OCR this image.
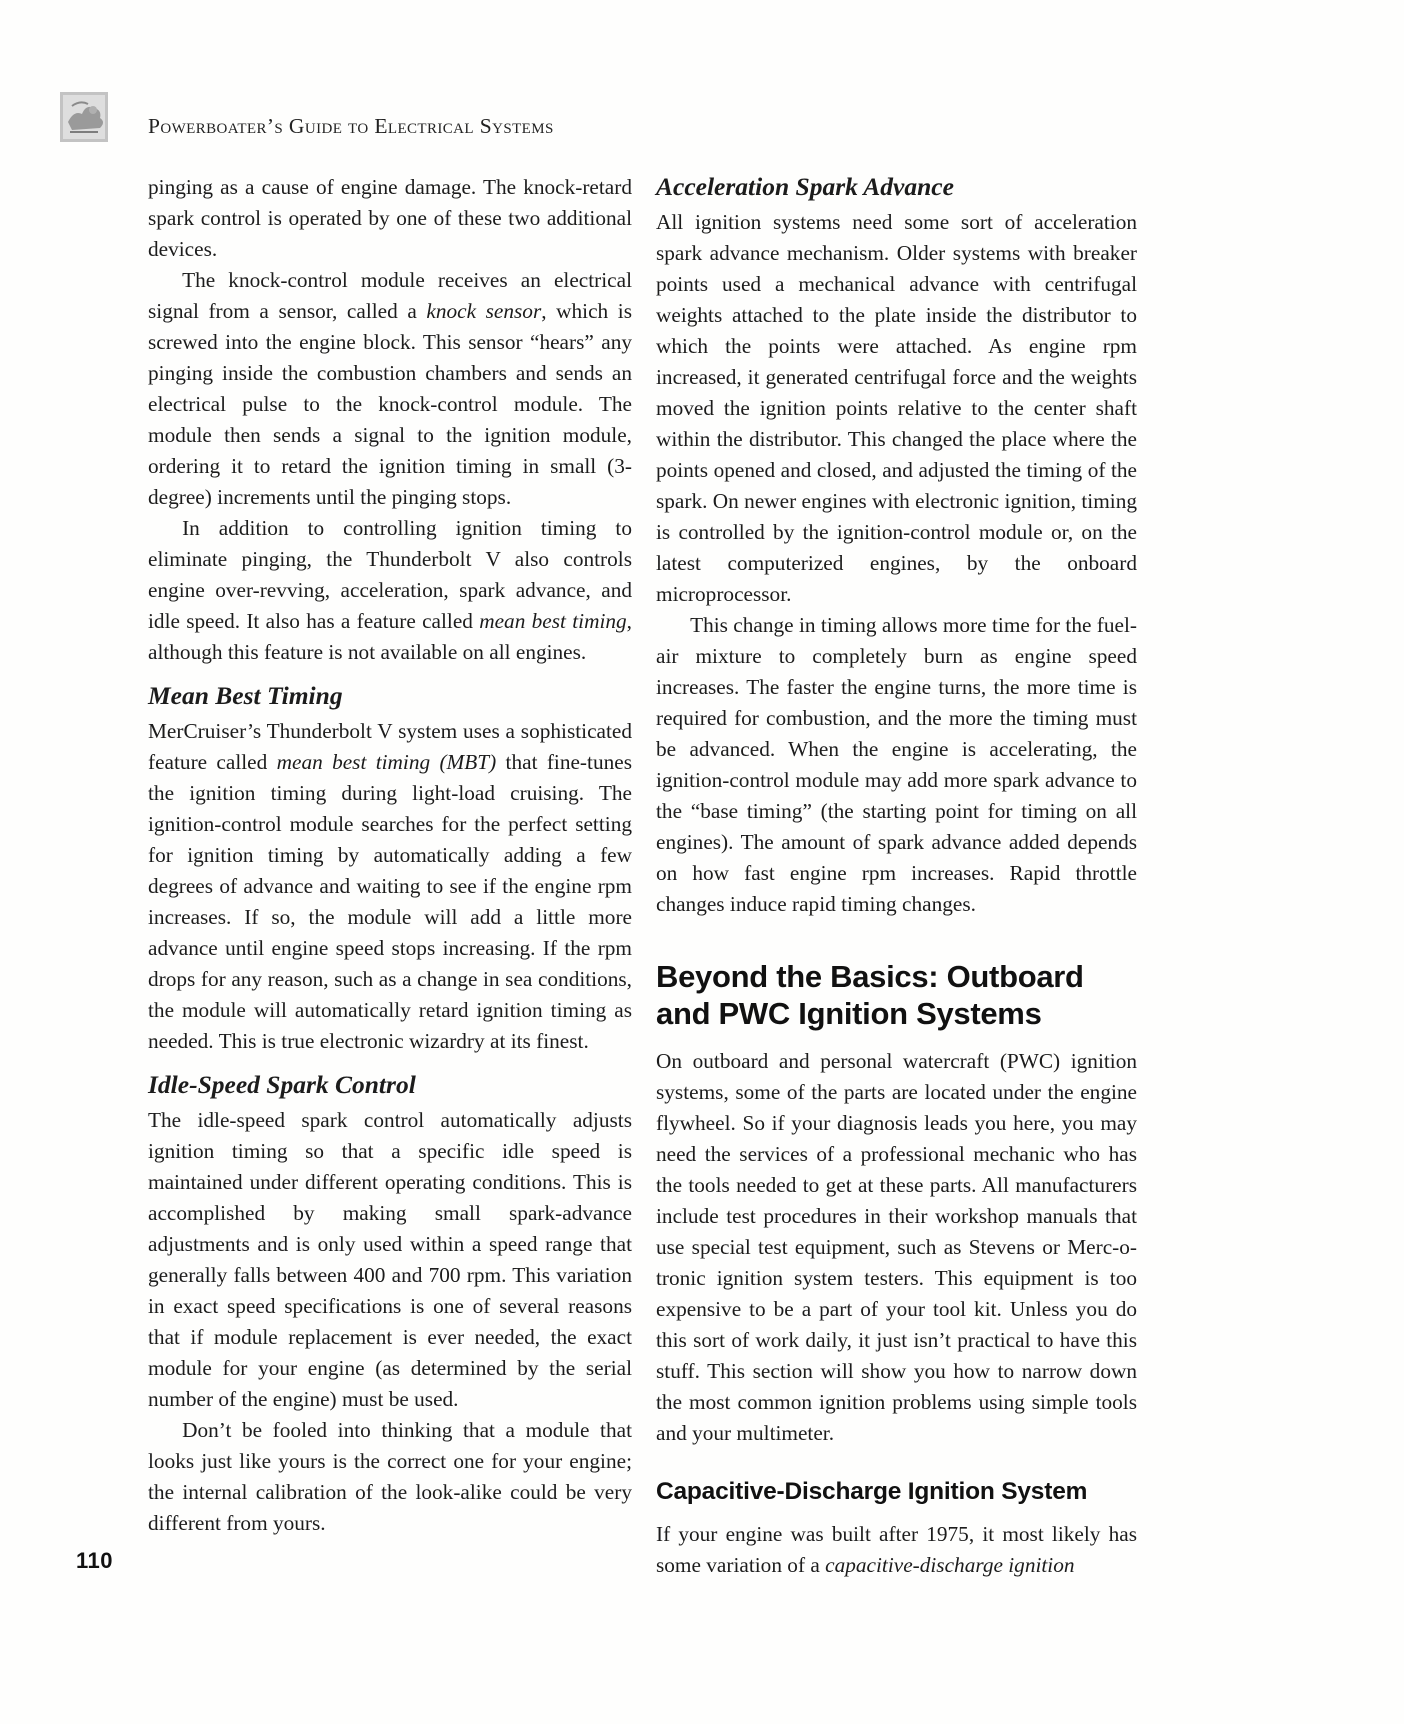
Powerboater’s Guide to Electrical Systems

pinging as a cause of engine damage. The knock-retard spark control is operated by one of these two additional devices.

The knock-control module receives an electrical signal from a sensor, called a knock sensor, which is screwed into the engine block. This sensor “hears” any pinging inside the combustion chambers and sends an electrical pulse to the knock-control module. The module then sends a signal to the ignition module, ordering it to retard the ignition timing in small (3-degree) increments until the pinging stops.

In addition to controlling ignition timing to eliminate pinging, the Thunderbolt V also controls engine over-revving, acceleration, spark advance, and idle speed. It also has a feature called mean best timing, although this feature is not available on all engines.

Mean Best Timing

MerCruiser’s Thunderbolt V system uses a sophisticated feature called mean best timing (MBT) that fine-tunes the ignition timing during light-load cruising. The ignition-control module searches for the perfect setting for ignition timing by automatically adding a few degrees of advance and waiting to see if the engine rpm increases. If so, the module will add a little more advance until engine speed stops increasing. If the rpm drops for any reason, such as a change in sea conditions, the module will automatically retard ignition timing as needed. This is true electronic wizardry at its finest.

Idle-Speed Spark Control

The idle-speed spark control automatically adjusts ignition timing so that a specific idle speed is maintained under different operating conditions. This is accomplished by making small spark-advance adjustments and is only used within a speed range that generally falls between 400 and 700 rpm. This variation in exact speed specifications is one of several reasons that if module replacement is ever needed, the exact module for your engine (as determined by the serial number of the engine) must be used.

Don’t be fooled into thinking that a module that looks just like yours is the correct one for your engine; the internal calibration of the look-alike could be very different from yours.

Acceleration Spark Advance

All ignition systems need some sort of acceleration spark advance mechanism. Older systems with breaker points used a mechanical advance with centrifugal weights attached to the plate inside the distributor to which the points were attached. As engine rpm increased, it generated centrifugal force and the weights moved the ignition points relative to the center shaft within the distributor. This changed the place where the points opened and closed, and adjusted the timing of the spark. On newer engines with electronic ignition, timing is controlled by the ignition-control module or, on the latest computerized engines, by the onboard microprocessor.

This change in timing allows more time for the fuel-air mixture to completely burn as engine speed increases. The faster the engine turns, the more time is required for combustion, and the more the timing must be advanced. When the engine is accelerating, the ignition-control module may add more spark advance to the “base timing” (the starting point for timing on all engines). The amount of spark advance added depends on how fast engine rpm increases. Rapid throttle changes induce rapid timing changes.

Beyond the Basics: Outboard
and PWC Ignition Systems

On outboard and personal watercraft (PWC) ignition systems, some of the parts are located under the engine flywheel. So if your diagnosis leads you here, you may need the services of a professional mechanic who has the tools needed to get at these parts. All manufacturers include test procedures in their workshop manuals that use special test equipment, such as Stevens or Merc-o-tronic ignition system testers. This equipment is too expensive to be a part of your tool kit. Unless you do this sort of work daily, it just isn’t practical to have this stuff. This section will show you how to narrow down the most common ignition problems using simple tools and your multimeter.

Capacitive-Discharge Ignition System

If your engine was built after 1975, it most likely has some variation of a capacitive-discharge ignition

110
